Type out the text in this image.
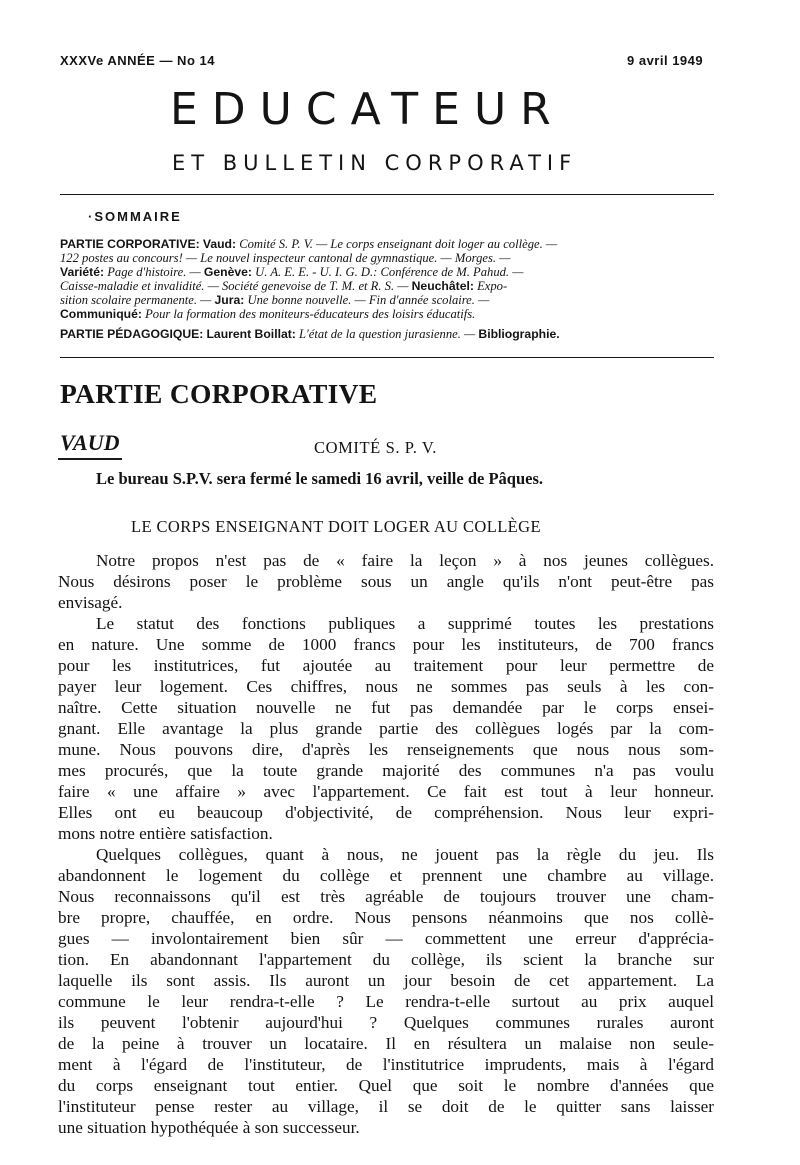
XXXVe ANNÉE — No 14	9 avril 1949
EDUCATEUR
ET BULLETIN CORPORATIF
·SOMMAIRE
PARTIE CORPORATIVE: Vaud: Comité S. P. V. — Le corps enseignant doit loger au collège. —
122 postes au concours! — Le nouvel inspecteur cantonal de gymnastique. — Morges. —
Variété: Page d'histoire. — Genève: U. A. E. E. - U. I. G. D.: Conférence de M. Pahud. —
Caisse-maladie et invalidité. — Société genevoise de T. M. et R. S. — Neuchâtel: Expo-
sition scolaire permanente. — Jura: Une bonne nouvelle. — Fin d'année scolaire. —
Communiqué: Pour la formation des moniteurs-éducateurs des loisirs éducatifs.
PARTIE PÉDAGOGIQUE: Laurent Boillat: L'état de la question jurasienne. — Bibliographie.
PARTIE CORPORATIVE
VAUD	COMITÉ S. P. V.
Le bureau S.P.V. sera fermé le samedi 16 avril, veille de Pâques.
LE CORPS ENSEIGNANT DOIT LOGER AU COLLÈGE
Notre propos n'est pas de « faire la leçon » à nos jeunes collègues.
Nous désirons poser le problème sous un angle qu'ils n'ont peut-être pas
envisagé.
Le statut des fonctions publiques a supprimé toutes les prestations
en nature. Une somme de 1000 francs pour les instituteurs, de 700 francs
pour les institutrices, fut ajoutée au traitement pour leur permettre de
payer leur logement. Ces chiffres, nous ne sommes pas seuls à les con-
naître. Cette situation nouvelle ne fut pas demandée par le corps ensei-
gnant. Elle avantage la plus grande partie des collègues logés par la com-
mune. Nous pouvons dire, d'après les renseignements que nous nous som-
mes procurés, que la toute grande majorité des communes n'a pas voulu
faire « une affaire » avec l'appartement. Ce fait est tout à leur honneur.
Elles ont eu beaucoup d'objectivité, de compréhension. Nous leur expri-
mons notre entière satisfaction.
Quelques collègues, quant à nous, ne jouent pas la règle du jeu. Ils
abandonnent le logement du collège et prennent une chambre au village.
Nous reconnaissons qu'il est très agréable de toujours trouver une cham-
bre propre, chauffée, en ordre. Nous pensons néanmoins que nos collè-
gues — involontairement bien sûr — commettent une erreur d'apprécia-
tion. En abandonnant l'appartement du collège, ils scient la branche sur
laquelle ils sont assis. Ils auront un jour besoin de cet appartement. La
commune le leur rendra-t-elle ? Le rendra-t-elle surtout au prix auquel
ils peuvent l'obtenir aujourd'hui ? Quelques communes rurales auront
de la peine à trouver un locataire. Il en résultera un malaise non seule-
ment à l'égard de l'instituteur, de l'institutrice imprudents, mais à l'égard
du corps enseignant tout entier. Quel que soit le nombre d'années que
l'instituteur pense rester au village, il se doit de le quitter sans laisser
une situation hypothéquée à son successeur.
